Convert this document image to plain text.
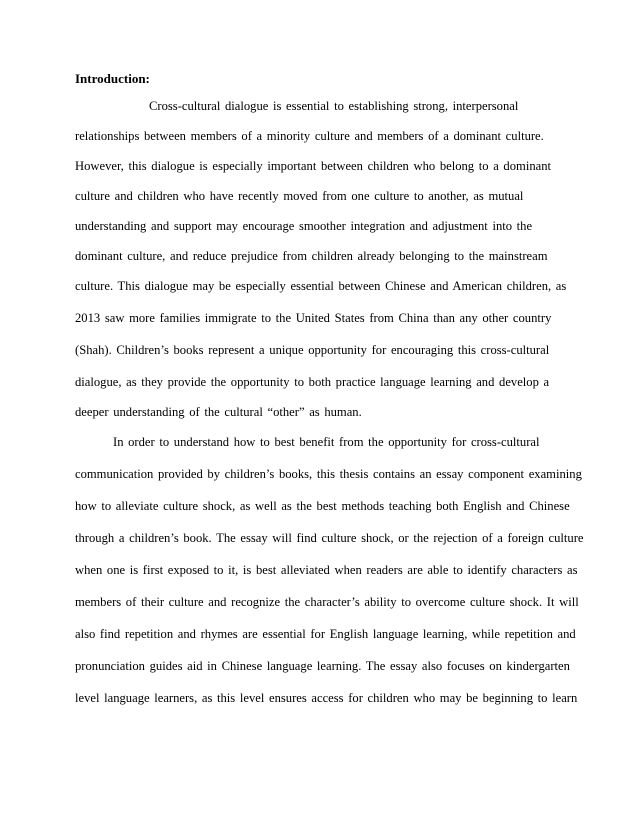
Introduction:
Cross-cultural dialogue is essential to establishing strong, interpersonal
relationships between members of a minority culture and members of a dominant culture.
However, this dialogue is especially important between children who belong to a dominant
culture and children who have recently moved from one culture to another, as mutual
understanding and support may encourage smoother integration and adjustment into the
dominant culture, and reduce prejudice from children already belonging to the mainstream
culture. This dialogue may be especially essential between Chinese and American children, as
2013 saw more families immigrate to the United States from China than any other country
(Shah). Children’s books represent a unique opportunity for encouraging this cross-cultural
dialogue, as they provide the opportunity to both practice language learning and develop a
deeper understanding of the cultural “other” as human.
In order to understand how to best benefit from the opportunity for cross-cultural
communication provided by children’s books, this thesis contains an essay component examining
how to alleviate culture shock, as well as the best methods teaching both English and Chinese
through a children’s book. The essay will find culture shock, or the rejection of a foreign culture
when one is first exposed to it, is best alleviated when readers are able to identify characters as
members of their culture and recognize the character’s ability to overcome culture shock. It will
also find repetition and rhymes are essential for English language learning, while repetition and
pronunciation guides aid in Chinese language learning. The essay also focuses on kindergarten
level language learners, as this level ensures access for children who may be beginning to learn
